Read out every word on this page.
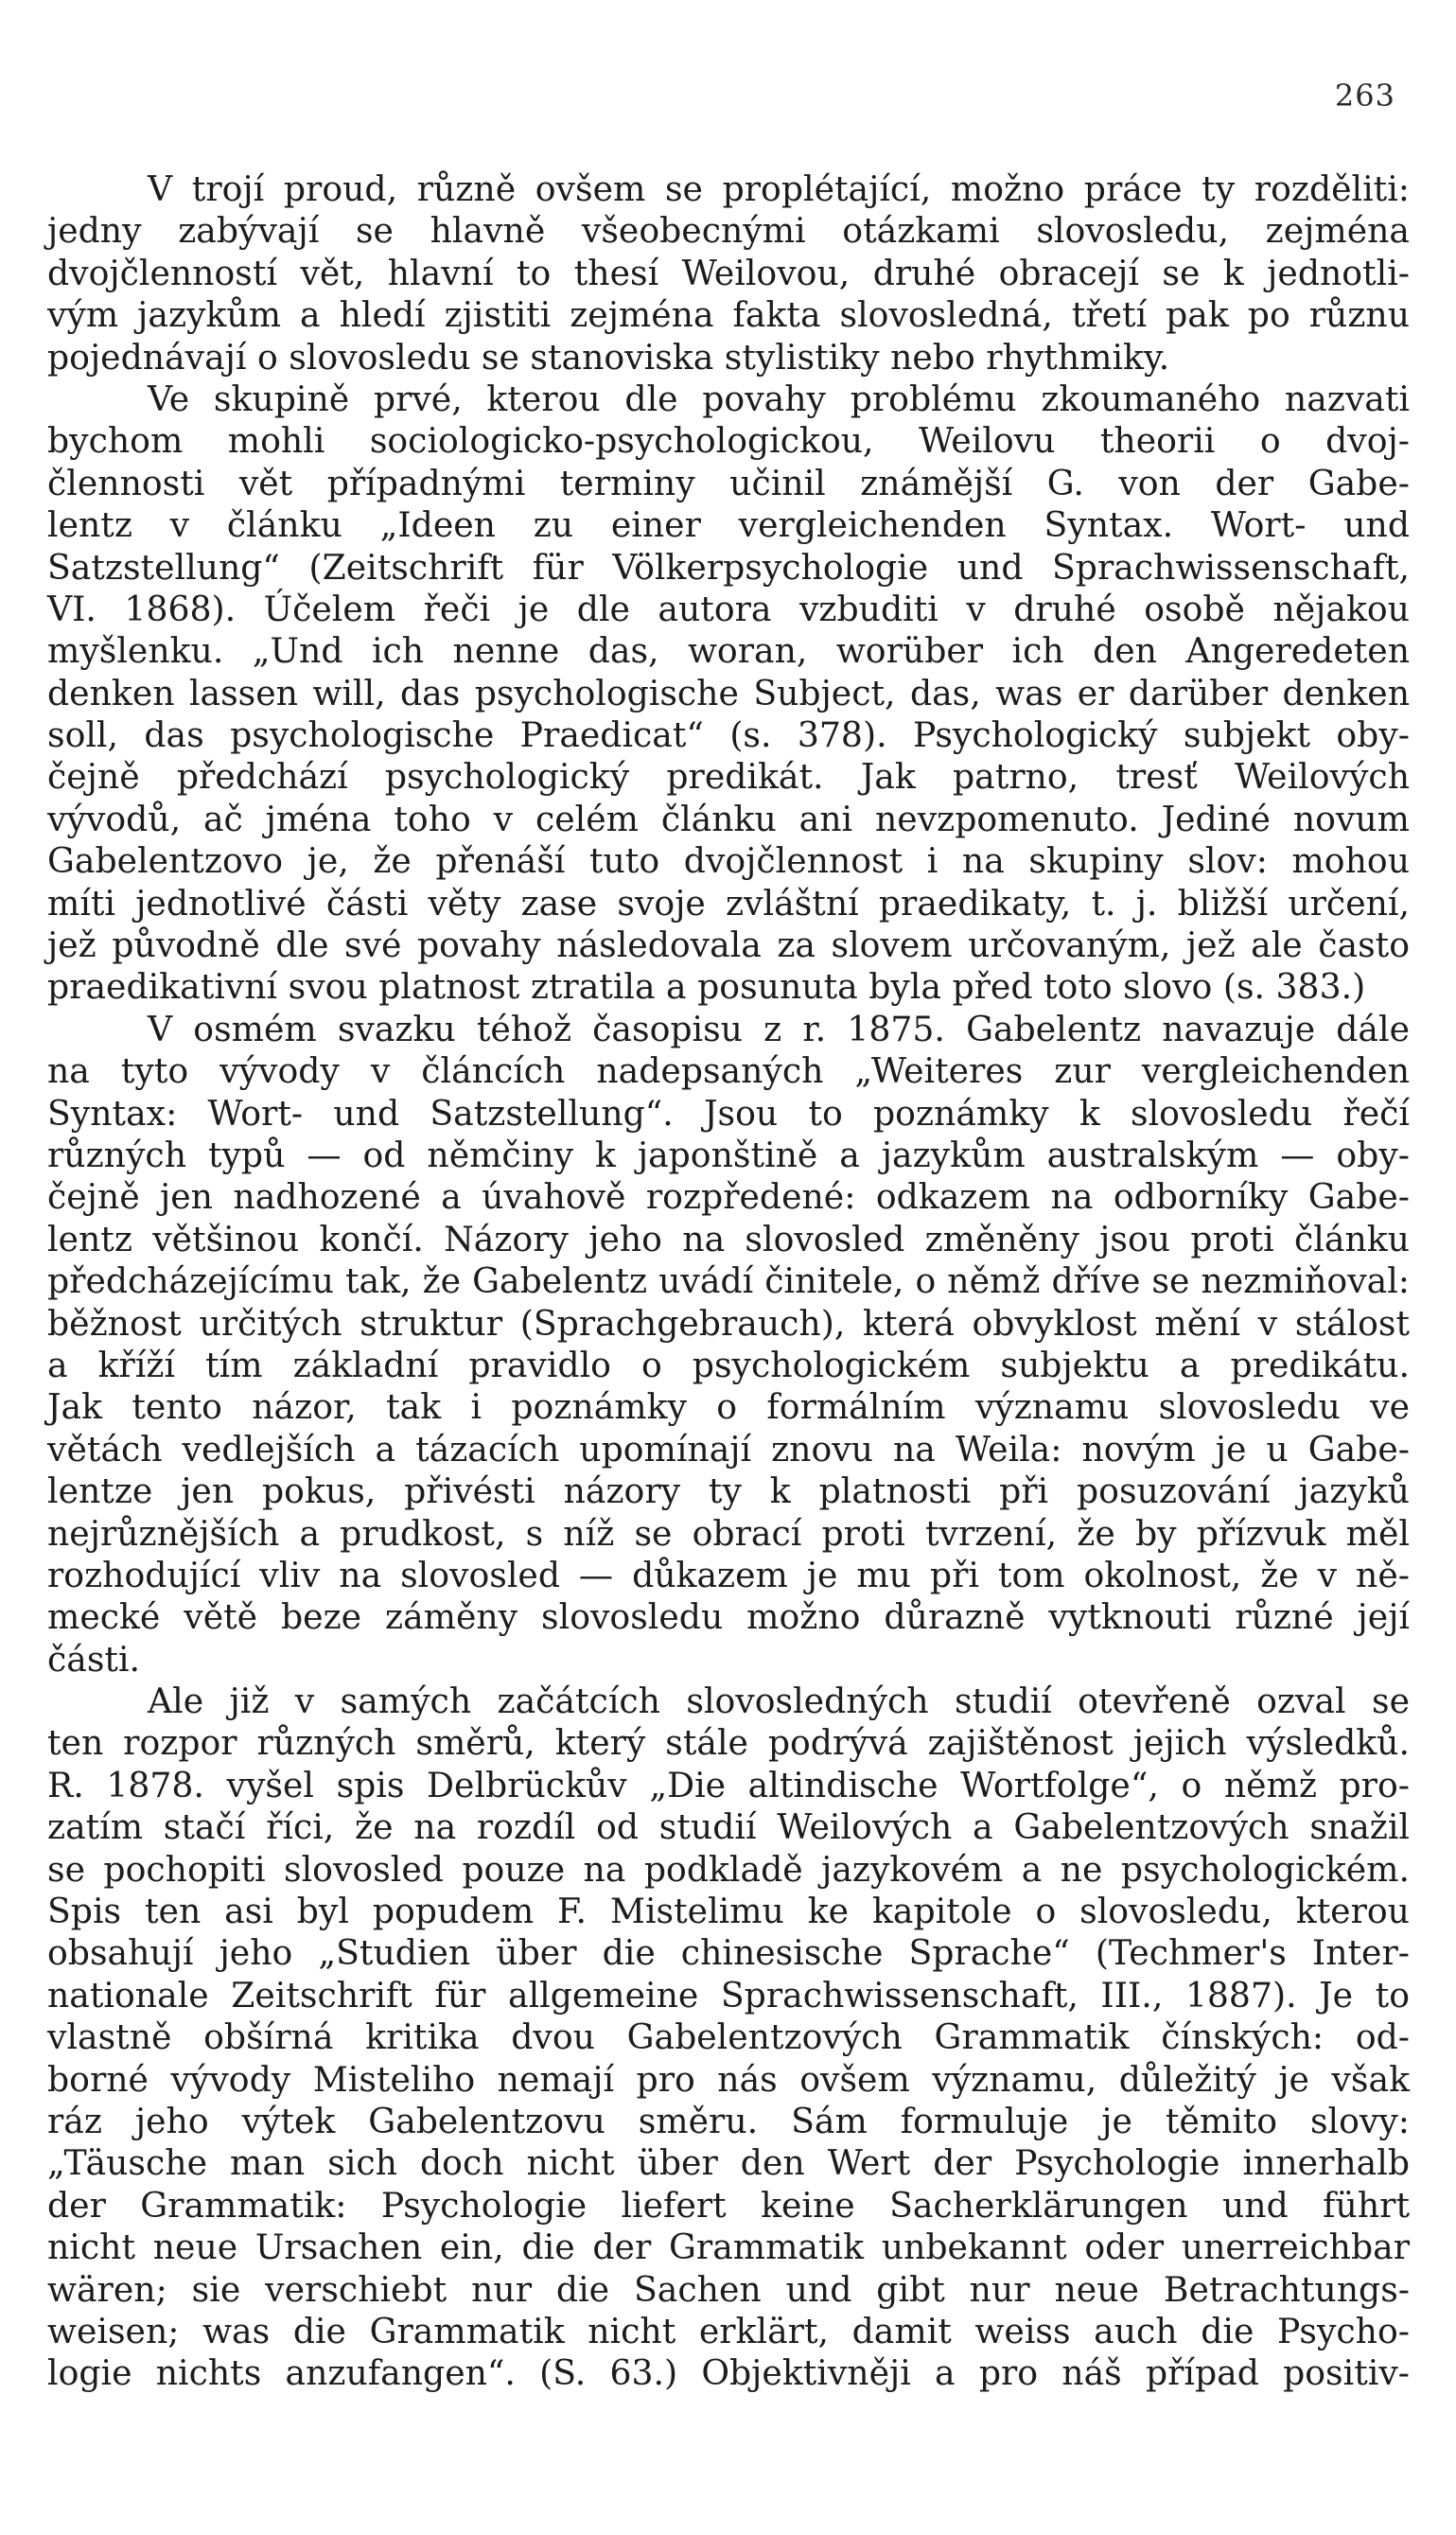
263
V trojí proud, různě ovšem se proplétající, možno práce ty rozděliti:
jedny zabývají se hlavně všeobecnými otázkami slovosledu, zejména
dvojčlenností vět, hlavní to thesí Weilovou, druhé obracejí se k jednotli-
vým jazykům a hledí zjistiti zejména fakta slovosledná, třetí pak po různu
pojednávají o slovosledu se stanoviska stylistiky nebo rhythmiky.
Ve skupině prvé, kterou dle povahy problému zkoumaného nazvati
bychom mohli sociologicko-psychologickou, Weilovu theorii o dvoj-
člennosti vět případnými terminy učinil známější G. von der Gabe-
lentz v článku „Ideen zu einer vergleichenden Syntax. Wort- und
Satzstellung“ (Zeitschrift für Völkerpsychologie und Sprachwissenschaft,
VI. 1868). Účelem řeči je dle autora vzbuditi v druhé osobě nějakou
myšlenku. „Und ich nenne das, woran, worüber ich den Angeredeten
denken lassen will, das psychologische Subject, das, was er darüber denken
soll, das psychologische Praedicat“ (s. 378). Psychologický subjekt oby-
čejně předchází psychologický predikát. Jak patrno, tresť Weilových
vývodů, ač jména toho v celém článku ani nevzpomenuto. Jediné novum
Gabelentzovo je, že přenáší tuto dvojčlennost i na skupiny slov: mohou
míti jednotlivé části věty zase svoje zvláštní praedikaty, t. j. bližší určení,
jež původně dle své povahy následovala za slovem určovaným, jež ale často
praedikativní svou platnost ztratila a posunuta byla před toto slovo (s. 383.)
V osmém svazku téhož časopisu z r. 1875. Gabelentz navazuje dále
na tyto vývody v článcích nadepsaných „Weiteres zur vergleichenden
Syntax: Wort- und Satzstellung“. Jsou to poznámky k slovosledu řečí
různých typů — od němčiny k japonštině a jazykům australským — oby-
čejně jen nadhozené a úvahově rozpředené: odkazem na odborníky Gabe-
lentz většinou končí. Názory jeho na slovosled změněny jsou proti článku
předcházejícímu tak, že Gabelentz uvádí činitele, o němž dříve se nezmiňoval:
běžnost určitých struktur (Sprachgebrauch), která obvyklost mění v stálost
a kříží tím základní pravidlo o psychologickém subjektu a predikátu.
Jak tento názor, tak i poznámky o formálním významu slovosledu ve
větách vedlejších a tázacích upomínají znovu na Weila: novým je u Gabe-
lentze jen pokus, přivésti názory ty k platnosti při posuzování jazyků
nejrůznějších a prudkost, s níž se obrací proti tvrzení, že by přízvuk měl
rozhodující vliv na slovosled — důkazem je mu při tom okolnost, že v ně-
mecké větě beze záměny slovosledu možno důrazně vytknouti různé její
části.
Ale již v samých začátcích slovosledných studií otevřeně ozval se
ten rozpor různých směrů, který stále podrývá zajištěnost jejich výsledků.
R. 1878. vyšel spis Delbrückův „Die altindische Wortfolge“, o němž pro-
zatím stačí říci, že na rozdíl od studií Weilových a Gabelentzových snažil
se pochopiti slovosled pouze na podkladě jazykovém a ne psychologickém.
Spis ten asi byl popudem F. Mistelimu ke kapitole o slovosledu, kterou
obsahují jeho „Studien über die chinesische Sprache“ (Techmer's Inter-
nationale Zeitschrift für allgemeine Sprachwissenschaft, III., 1887). Je to
vlastně obšírná kritika dvou Gabelentzových Grammatik čínských: od-
borné vývody Misteliho nemají pro nás ovšem významu, důležitý je však
ráz jeho výtek Gabelentzovu směru. Sám formuluje je těmito slovy:
„Täusche man sich doch nicht über den Wert der Psychologie innerhalb
der Grammatik: Psychologie liefert keine Sacherklärungen und führt
nicht neue Ursachen ein, die der Grammatik unbekannt oder unerreichbar
wären; sie verschiebt nur die Sachen und gibt nur neue Betrachtungs-
weisen; was die Grammatik nicht erklärt, damit weiss auch die Psycho-
logie nichts anzufangen“. (S. 63.) Objektivněji a pro náš případ positiv-
